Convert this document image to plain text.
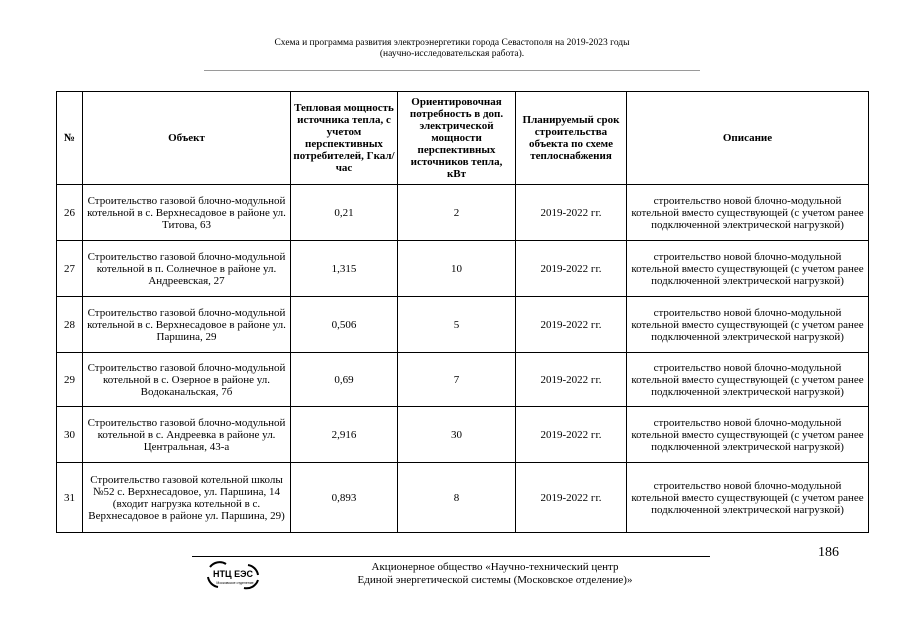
Схема и программа развития электроэнергетики города Севастополя на 2019-2023 годы
(научно-исследовательская работа).
№	Объект	Тепловая мощность источника тепла, с учетом перспективных потребителей, Гкал/час	Ориентировочная потребность в доп. электрической мощности перспективных источников тепла, кВт	Планируемый срок строительства объекта по схеме теплоснабжения	Описание
26	Строительство газовой блочно-модульной котельной в с. Верхнесадовое в районе ул. Титова, 63	0,21	2	2019-2022 гг.	строительство новой блочно-модульной котельной вместо существующей (с учетом ранее подключенной электрической нагрузкой)
27	Строительство газовой блочно-модульной котельной в п. Солнечное в районе ул. Андреевская, 27	1,315	10	2019-2022 гг.	строительство новой блочно-модульной котельной вместо существующей (с учетом ранее подключенной электрической нагрузкой)
28	Строительство газовой блочно-модульной котельной в с. Верхнесадовое в районе ул. Паршина, 29	0,506	5	2019-2022 гг.	строительство новой блочно-модульной котельной вместо существующей (с учетом ранее подключенной электрической нагрузкой)
29	Строительство газовой блочно-модульной котельной в с. Озерное в районе ул. Водоканальская, 7б	0,69	7	2019-2022 гг.	строительство новой блочно-модульной котельной вместо существующей (с учетом ранее подключенной электрической нагрузкой)
30	Строительство газовой блочно-модульной котельной в с. Андреевка в районе ул. Центральная, 43-а	2,916	30	2019-2022 гг.	строительство новой блочно-модульной котельной вместо существующей (с учетом ранее подключенной электрической нагрузкой)
31	Строительство газовой котельной школы №52 с. Верхнесадовое, ул. Паршина, 14 (входит нагрузка котельной в с. Верхнесадовое в районе ул. Паршина, 29)	0,893	8	2019-2022 гг.	строительство новой блочно-модульной котельной вместо существующей (с учетом ранее подключенной электрической нагрузкой)
186
НТЦ ЕЭС
Московское отделение
Акционерное общество «Научно-технический центр
Единой энергетической системы (Московское отделение)»
